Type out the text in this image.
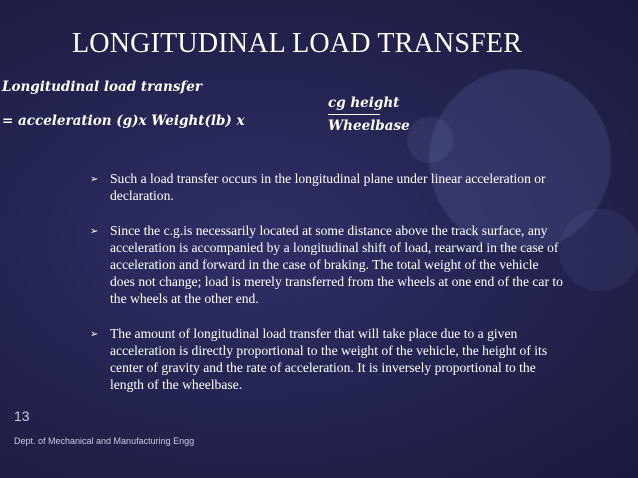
LONGITUDINAL LOAD TRANSFER
Longitudinal load transfer
= acceleration (g)x Weight(lb) x
cg height
Wheelbase
➢ Such a load transfer occurs in the longitudinal plane under linear acceleration or declaration.
➢ Since the c.g.is necessarily located at some distance above the track surface, any acceleration is accompanied by a longitudinal shift of load, rearward in the case of acceleration and forward in the case of braking. The total weight of the vehicle does not change; load is merely transferred from the wheels at one end of the car to the wheels at the other end.
➢ The amount of longitudinal load transfer that will take place due to a given acceleration is directly proportional to the weight of the vehicle, the height of its center of gravity and the rate of acceleration. It is inversely proportional to the length of the wheelbase.
13
Dept. of Mechanical and Manufacturing Engg
